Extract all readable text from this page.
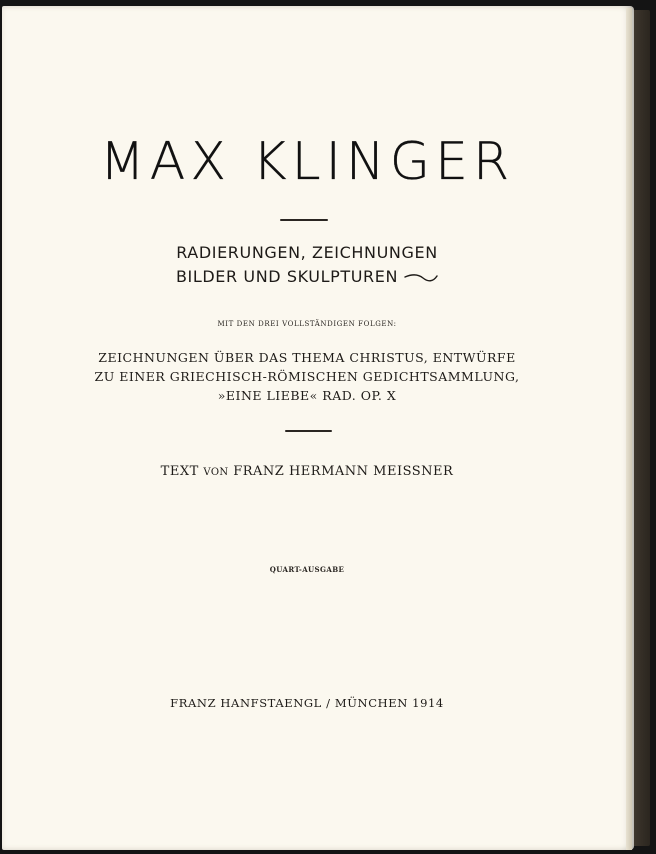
MAX KLINGER
RADIERUNGEN, ZEICHNUNGEN
BILDER UND SKULPTUREN
MIT DEN DREI VOLLSTÄNDIGEN FOLGEN:
ZEICHNUNGEN ÜBER DAS THEMA CHRISTUS, ENTWÜRFE
ZU EINER GRIECHISCH-RÖMISCHEN GEDICHTSAMMLUNG,
»EINE LIEBE« RAD. OP. X
TEXT VON FRANZ HERMANN MEISSNER
QUART-AUSGABE
FRANZ HANFSTAENGL / MÜNCHEN 1914
